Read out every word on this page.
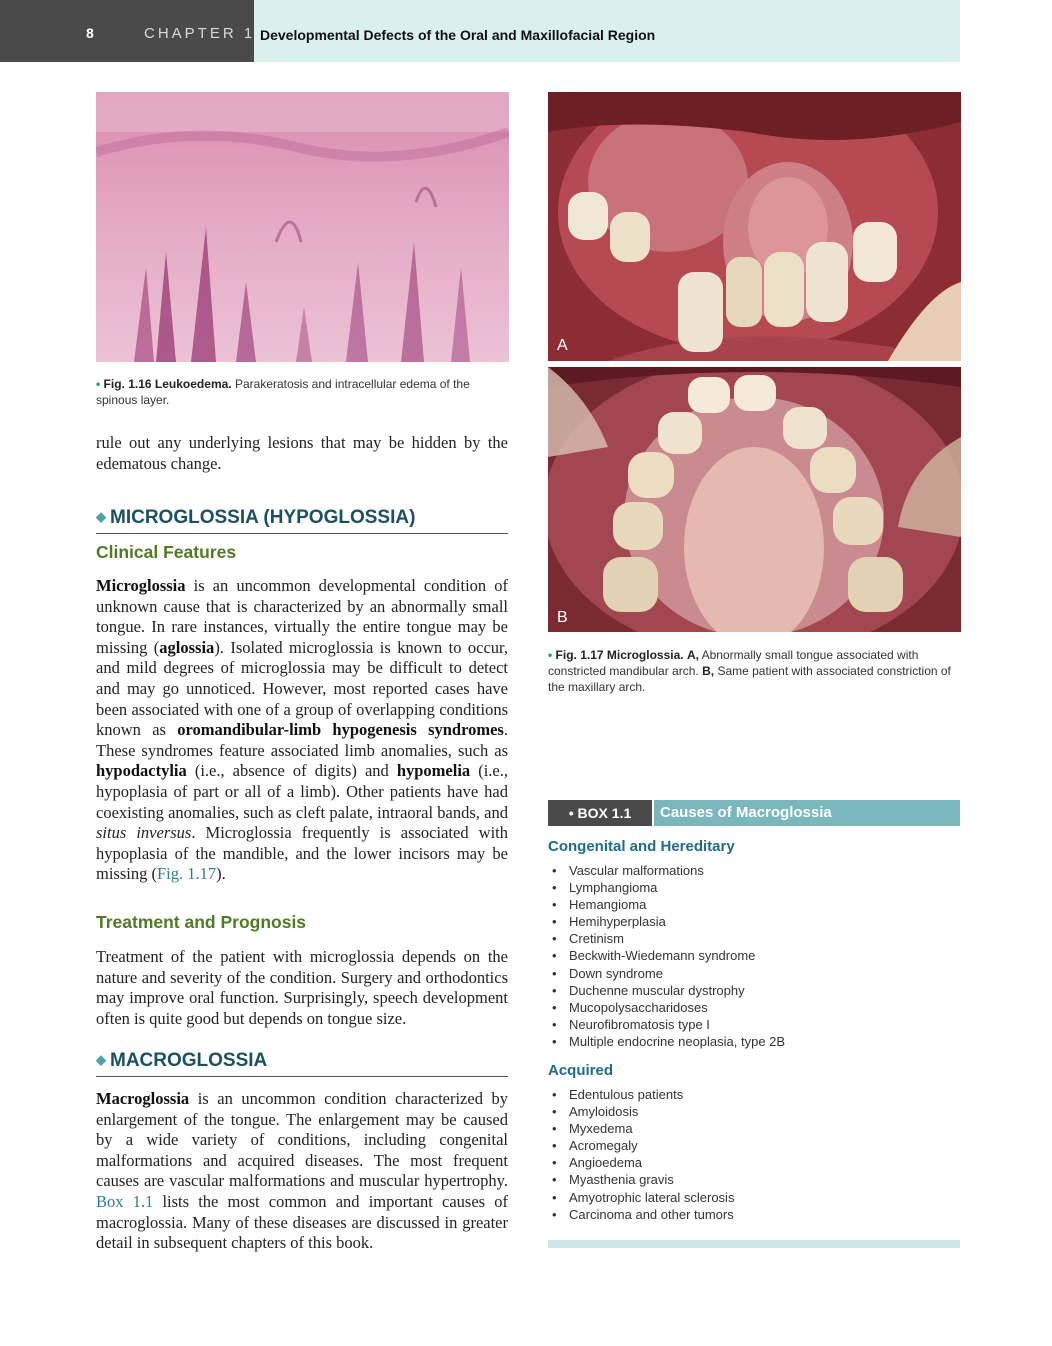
8	CHAPTER 1 Developmental Defects of the Oral and Maxillofacial Region
• Fig. 1.16 Leukoedema. Parakeratosis and intracellular edema of the spinous layer.
A
B
• Fig. 1.17 Microglossia. A, Abnormally small tongue associated with constricted mandibular arch. B, Same patient with associated constriction of the maxillary arch.
rule out any underlying lesions that may be hidden by the edematous change.
◆ MICROGLOSSIA (HYPOGLOSSIA)
Clinical Features
Microglossia is an uncommon developmental condition of unknown cause that is characterized by an abnormally small tongue. In rare instances, virtually the entire tongue may be missing (aglossia). Isolated microglossia is known to occur, and mild degrees of microglossia may be difficult to detect and may go unnoticed. However, most reported cases have been associated with one of a group of overlapping conditions known as oromandibular-limb hypogenesis syndromes. These syndromes feature associated limb anomalies, such as hypodactylia (i.e., absence of digits) and hypomelia (i.e., hypoplasia of part or all of a limb). Other patients have had coexisting anomalies, such as cleft palate, intraoral bands, and situs inversus. Microglossia frequently is associated with hypoplasia of the mandible, and the lower incisors may be missing (Fig. 1.17).
Treatment and Prognosis
Treatment of the patient with microglossia depends on the nature and severity of the condition. Surgery and orthodontics may improve oral function. Surprisingly, speech development often is quite good but depends on tongue size.
◆ MACROGLOSSIA
Macroglossia is an uncommon condition characterized by enlargement of the tongue. The enlargement may be caused by a wide variety of conditions, including congenital malformations and acquired diseases. The most frequent causes are vascular malformations and muscular hypertrophy. Box 1.1 lists the most common and important causes of macroglossia. Many of these diseases are discussed in greater detail in subsequent chapters of this book.
• BOX 1.1	Causes of Macroglossia
Congenital and Hereditary
• Vascular malformations
• Lymphangioma
• Hemangioma
• Hemihyperplasia
• Cretinism
• Beckwith-Wiedemann syndrome
• Down syndrome
• Duchenne muscular dystrophy
• Mucopolysaccharidoses
• Neurofibromatosis type I
• Multiple endocrine neoplasia, type 2B
Acquired
• Edentulous patients
• Amyloidosis
• Myxedema
• Acromegaly
• Angioedema
• Myasthenia gravis
• Amyotrophic lateral sclerosis
• Carcinoma and other tumors
